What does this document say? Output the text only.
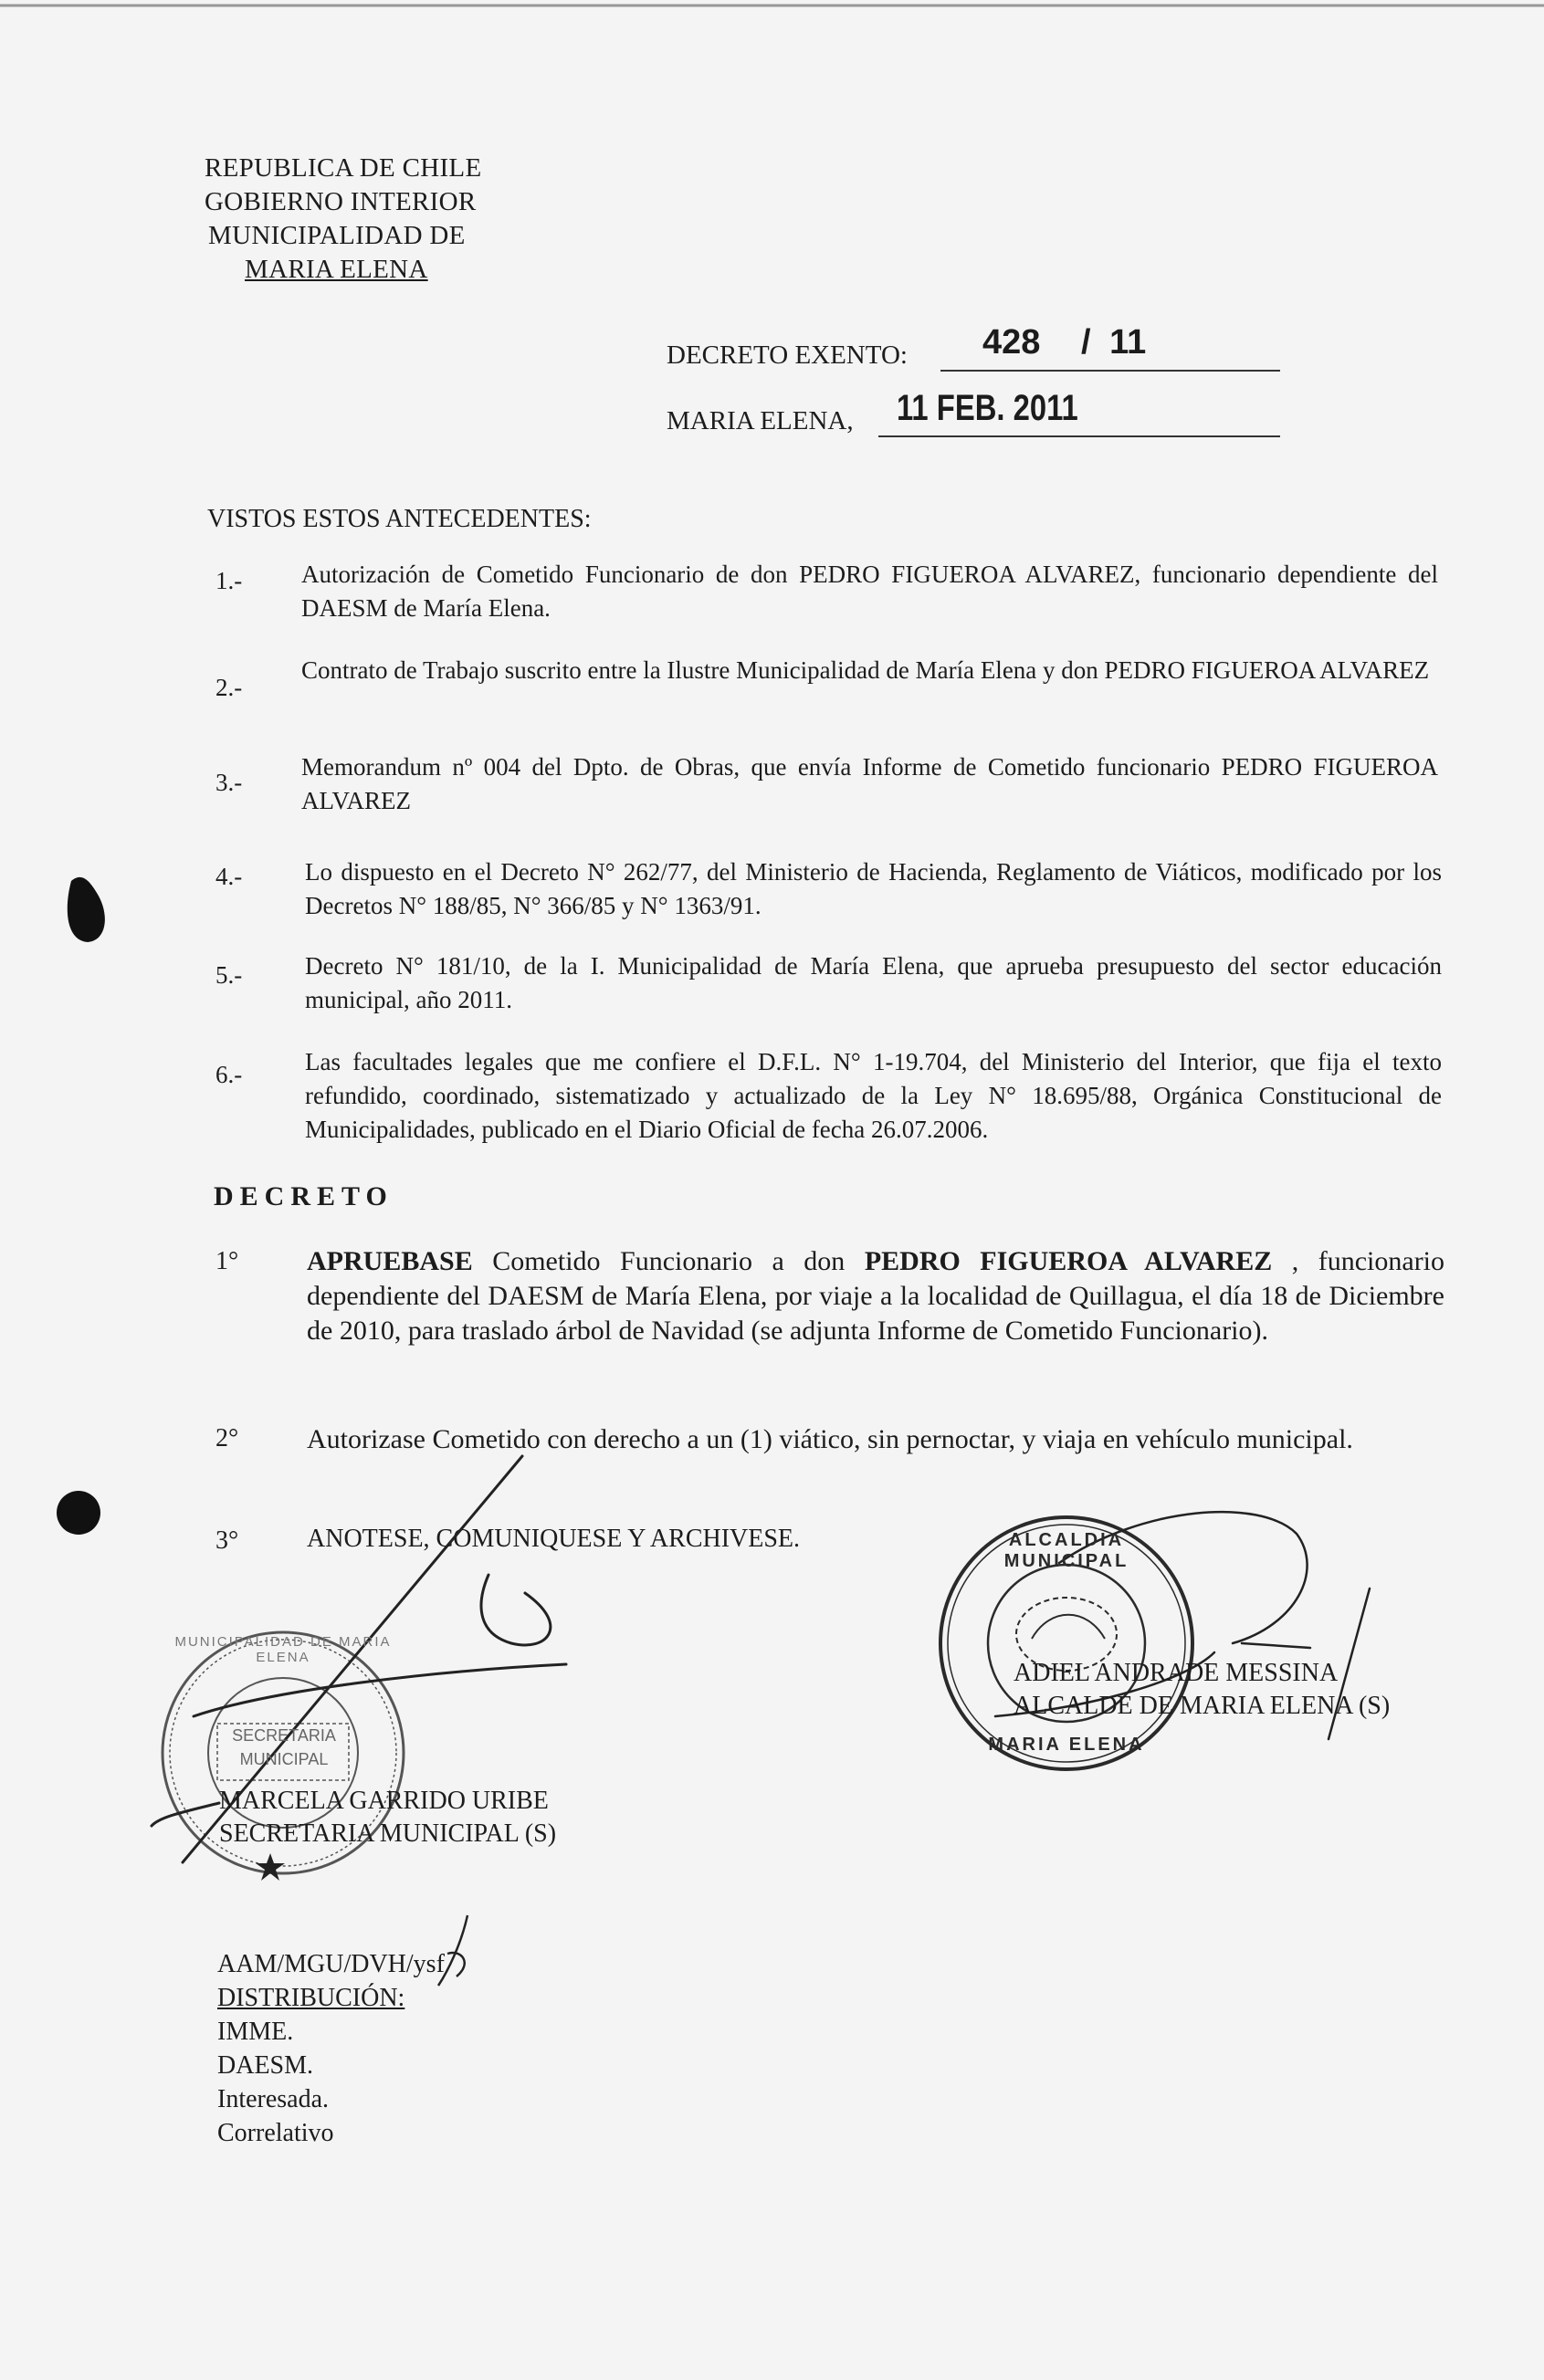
REPUBLICA DE CHILE
GOBIERNO INTERIOR
MUNICIPALIDAD DE
MARIA ELENA
DECRETO EXENTO: 428 / 11
MARIA ELENA, 11 FEB. 2011
VISTOS ESTOS ANTECEDENTES:
1.- Autorización de Cometido Funcionario de don PEDRO FIGUEROA ALVAREZ, funcionario dependiente del DAESM de María Elena.
2.-
Contrato de Trabajo suscrito entre la Ilustre Municipalidad de María Elena y don PEDRO FIGUEROA ALVAREZ
3.-
Memorandum nº 004 del Dpto. de Obras, que envía Informe de Cometido funcionario PEDRO FIGUEROA ALVAREZ
4.-	Lo dispuesto en el Decreto N° 262/77, del Ministerio de Hacienda, Reglamento de Viáticos, modificado por los Decretos N° 188/85, N° 366/85 y N° 1363/91.
5.-	Decreto N° 181/10, de la I. Municipalidad de María Elena, que aprueba presupuesto del sector educación municipal, año 2011.
6.-	Las facultades legales que me confiere el D.F.L. N° 1-19.704, del Ministerio del Interior, que fija el texto refundido, coordinado, sistematizado y actualizado de la Ley N° 18.695/88, Orgánica Constitucional de Municipalidades, publicado en el Diario Oficial de fecha 26.07.2006.
DECRETO
1° APRUEBASE Cometido Funcionario a don PEDRO FIGUEROA ALVAREZ , funcionario dependiente del DAESM de María Elena, por viaje a la localidad de Quillagua, el día 18 de Diciembre de 2010, para traslado árbol de Navidad (se adjunta Informe de Cometido Funcionario).
2° Autorizase Cometido con derecho a un (1) viático, sin pernoctar, y viaja en vehículo municipal.
3°	ANOTESE, COMUNIQUESE Y ARCHIVESE.
SECRETARIA
MUNICIPAL
MUNICIPALIDAD DE MARIA ELENA
ALCALDIA MUNICIPAL
MARIA ELENA
MARCELA GARRIDO URIBE
SECRETARIA MUNICIPAL (S)
ADIEL ANDRADE MESSINA
ALCALDE DE MARIA ELENA (S)
AAM/MGU/DVH/ysf
DISTRIBUCIÓN:
IMME.
DAESM.
Interesada.
Correlativo
